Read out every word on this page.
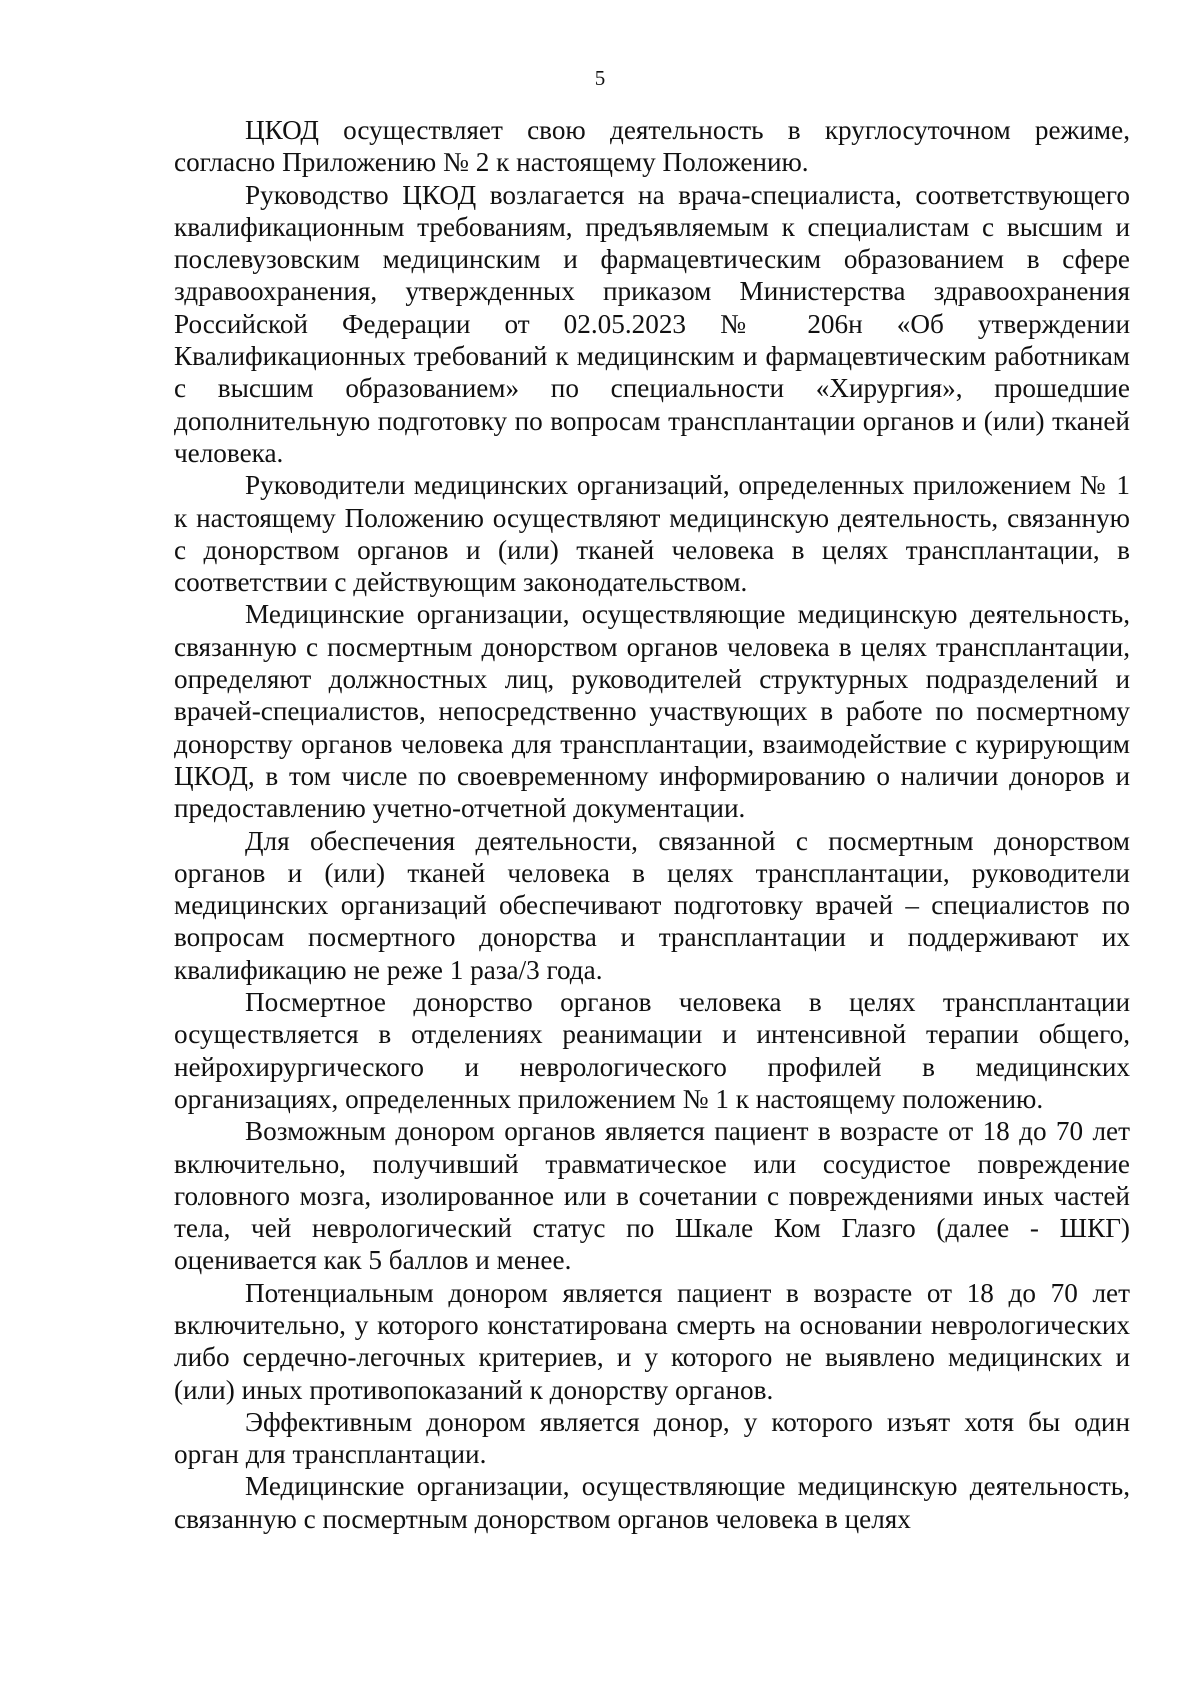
5

ЦКОД осуществляет свою деятельность в круглосуточном режиме, согласно Приложению № 2 к настоящему Положению.

Руководство ЦКОД возлагается на врача-специалиста, соответствующего квалификационным требованиям, предъявляемым к специалистам с высшим и послевузовским медицинским и фармацевтическим образованием в сфере здравоохранения, утвержденных приказом Министерства здравоохранения Российской Федерации от 02.05.2023 № 206н «Об утверждении Квалификационных требований к медицинским и фармацевтическим работникам с высшим образованием» по специальности «Хирургия», прошедшие дополнительную подготовку по вопросам трансплантации органов и (или) тканей человека.

Руководители медицинских организаций, определенных приложением № 1 к настоящему Положению осуществляют медицинскую деятельность, связанную с донорством органов и (или) тканей человека в целях трансплантации, в соответствии с действующим законодательством.

Медицинские организации, осуществляющие медицинскую деятельность, связанную с посмертным донорством органов человека в целях трансплантации, определяют должностных лиц, руководителей структурных подразделений и врачей-специалистов, непосредственно участвующих в работе по посмертному донорству органов человека для трансплантации, взаимодействие с курирующим ЦКОД, в том числе по своевременному информированию о наличии доноров и предоставлению учетно-отчетной документации.

Для обеспечения деятельности, связанной с посмертным донорством органов и (или) тканей человека в целях трансплантации, руководители медицинских организаций обеспечивают подготовку врачей – специалистов по вопросам посмертного донорства и трансплантации и поддерживают их квалификацию не реже 1 раза/3 года.

Посмертное донорство органов человека в целях трансплантации осуществляется в отделениях реанимации и интенсивной терапии общего, нейрохирургического и неврологического профилей в медицинских организациях, определенных приложением № 1 к настоящему положению.

Возможным донором органов является пациент в возрасте от 18 до 70 лет включительно, получивший травматическое или сосудистое повреждение головного мозга, изолированное или в сочетании с повреждениями иных частей тела, чей неврологический статус по Шкале Ком Глазго (далее - ШКГ) оценивается как 5 баллов и менее.

Потенциальным донором является пациент в возрасте от 18 до 70 лет включительно, у которого констатирована смерть на основании неврологических либо сердечно-легочных критериев, и у которого не выявлено медицинских и (или) иных противопоказаний к донорству органов.

Эффективным донором является донор, у которого изъят хотя бы один орган для трансплантации.

Медицинские организации, осуществляющие медицинскую деятельность, связанную с посмертным донорством органов человека в целях
